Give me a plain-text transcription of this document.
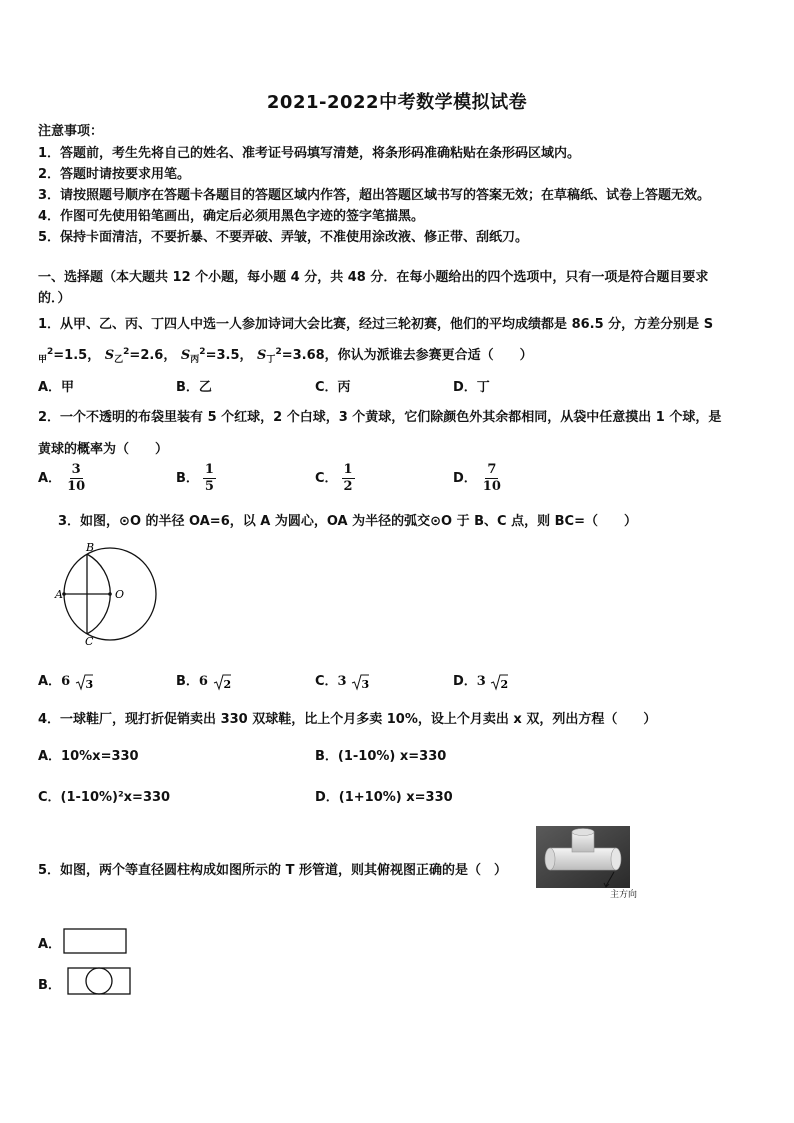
2021-2022中考数学模拟试卷
注意事项：
1．答题前，考生先将自己的姓名、准考证号码填写清楚，将条形码准确粘贴在条形码区域内。
2．答题时请按要求用笔。
3．请按照题号顺序在答题卡各题目的答题区域内作答，超出答题区域书写的答案无效；在草稿纸、试卷上答题无效。
4．作图可先使用铅笔画出，确定后必须用黑色字迹的签字笔描黑。
5．保持卡面清洁，不要折暴、不要弄破、弄皱，不准使用涂改液、修正带、刮纸刀。
一、选择题（本大题共 12 个小题，每小题 4 分，共 48 分．在每小题给出的四个选项中，只有一项是符合题目要求
的．）
1．从甲、乙、丙、丁四人中选一人参加诗词大会比赛，经过三轮初赛，他们的平均成绩都是 86.5 分，方差分别是 S
$_甲^2$=1.5， $S_乙^2=2.6$， $S_丙^2=3.5$， $S_丁^2=3.68$，你认为派谁去参赛更合适（　　）
A．甲	B．乙	C．丙	D．丁
2．一个不透明的布袋里装有 5 个红球，2 个白球，3 个黄球，它们除颜色外其余都相同，从袋中任意摸出 1 个球，是
黄球的概率为（　　）
A． $\frac{3}{10}$	B． $\frac{1}{5}$	C． $\frac{1}{2}$	D． $\frac{7}{10}$
3．如图，⊙O 的半径 OA=6，以 A 为圆心，OA 为半径的弧交⊙O 于 B、C 点，则 BC=（　　）
B
A	O
C
A．6 3	B．6 2	C．3 3	D．3 2
4．一球鞋厂，现打折促销卖出 330 双球鞋，比上个月多卖 10%，设上个月卖出 x 双，列出方程（　　）
A．10%x=330	B．(1-10%) x=330
C．(1-10%)²x=330	D．(1+10%) x=330
5．如图，两个等直径圆柱构成如图所示的 T 形管道，则其俯视图正确的是（　）
主方向
A．
B．
